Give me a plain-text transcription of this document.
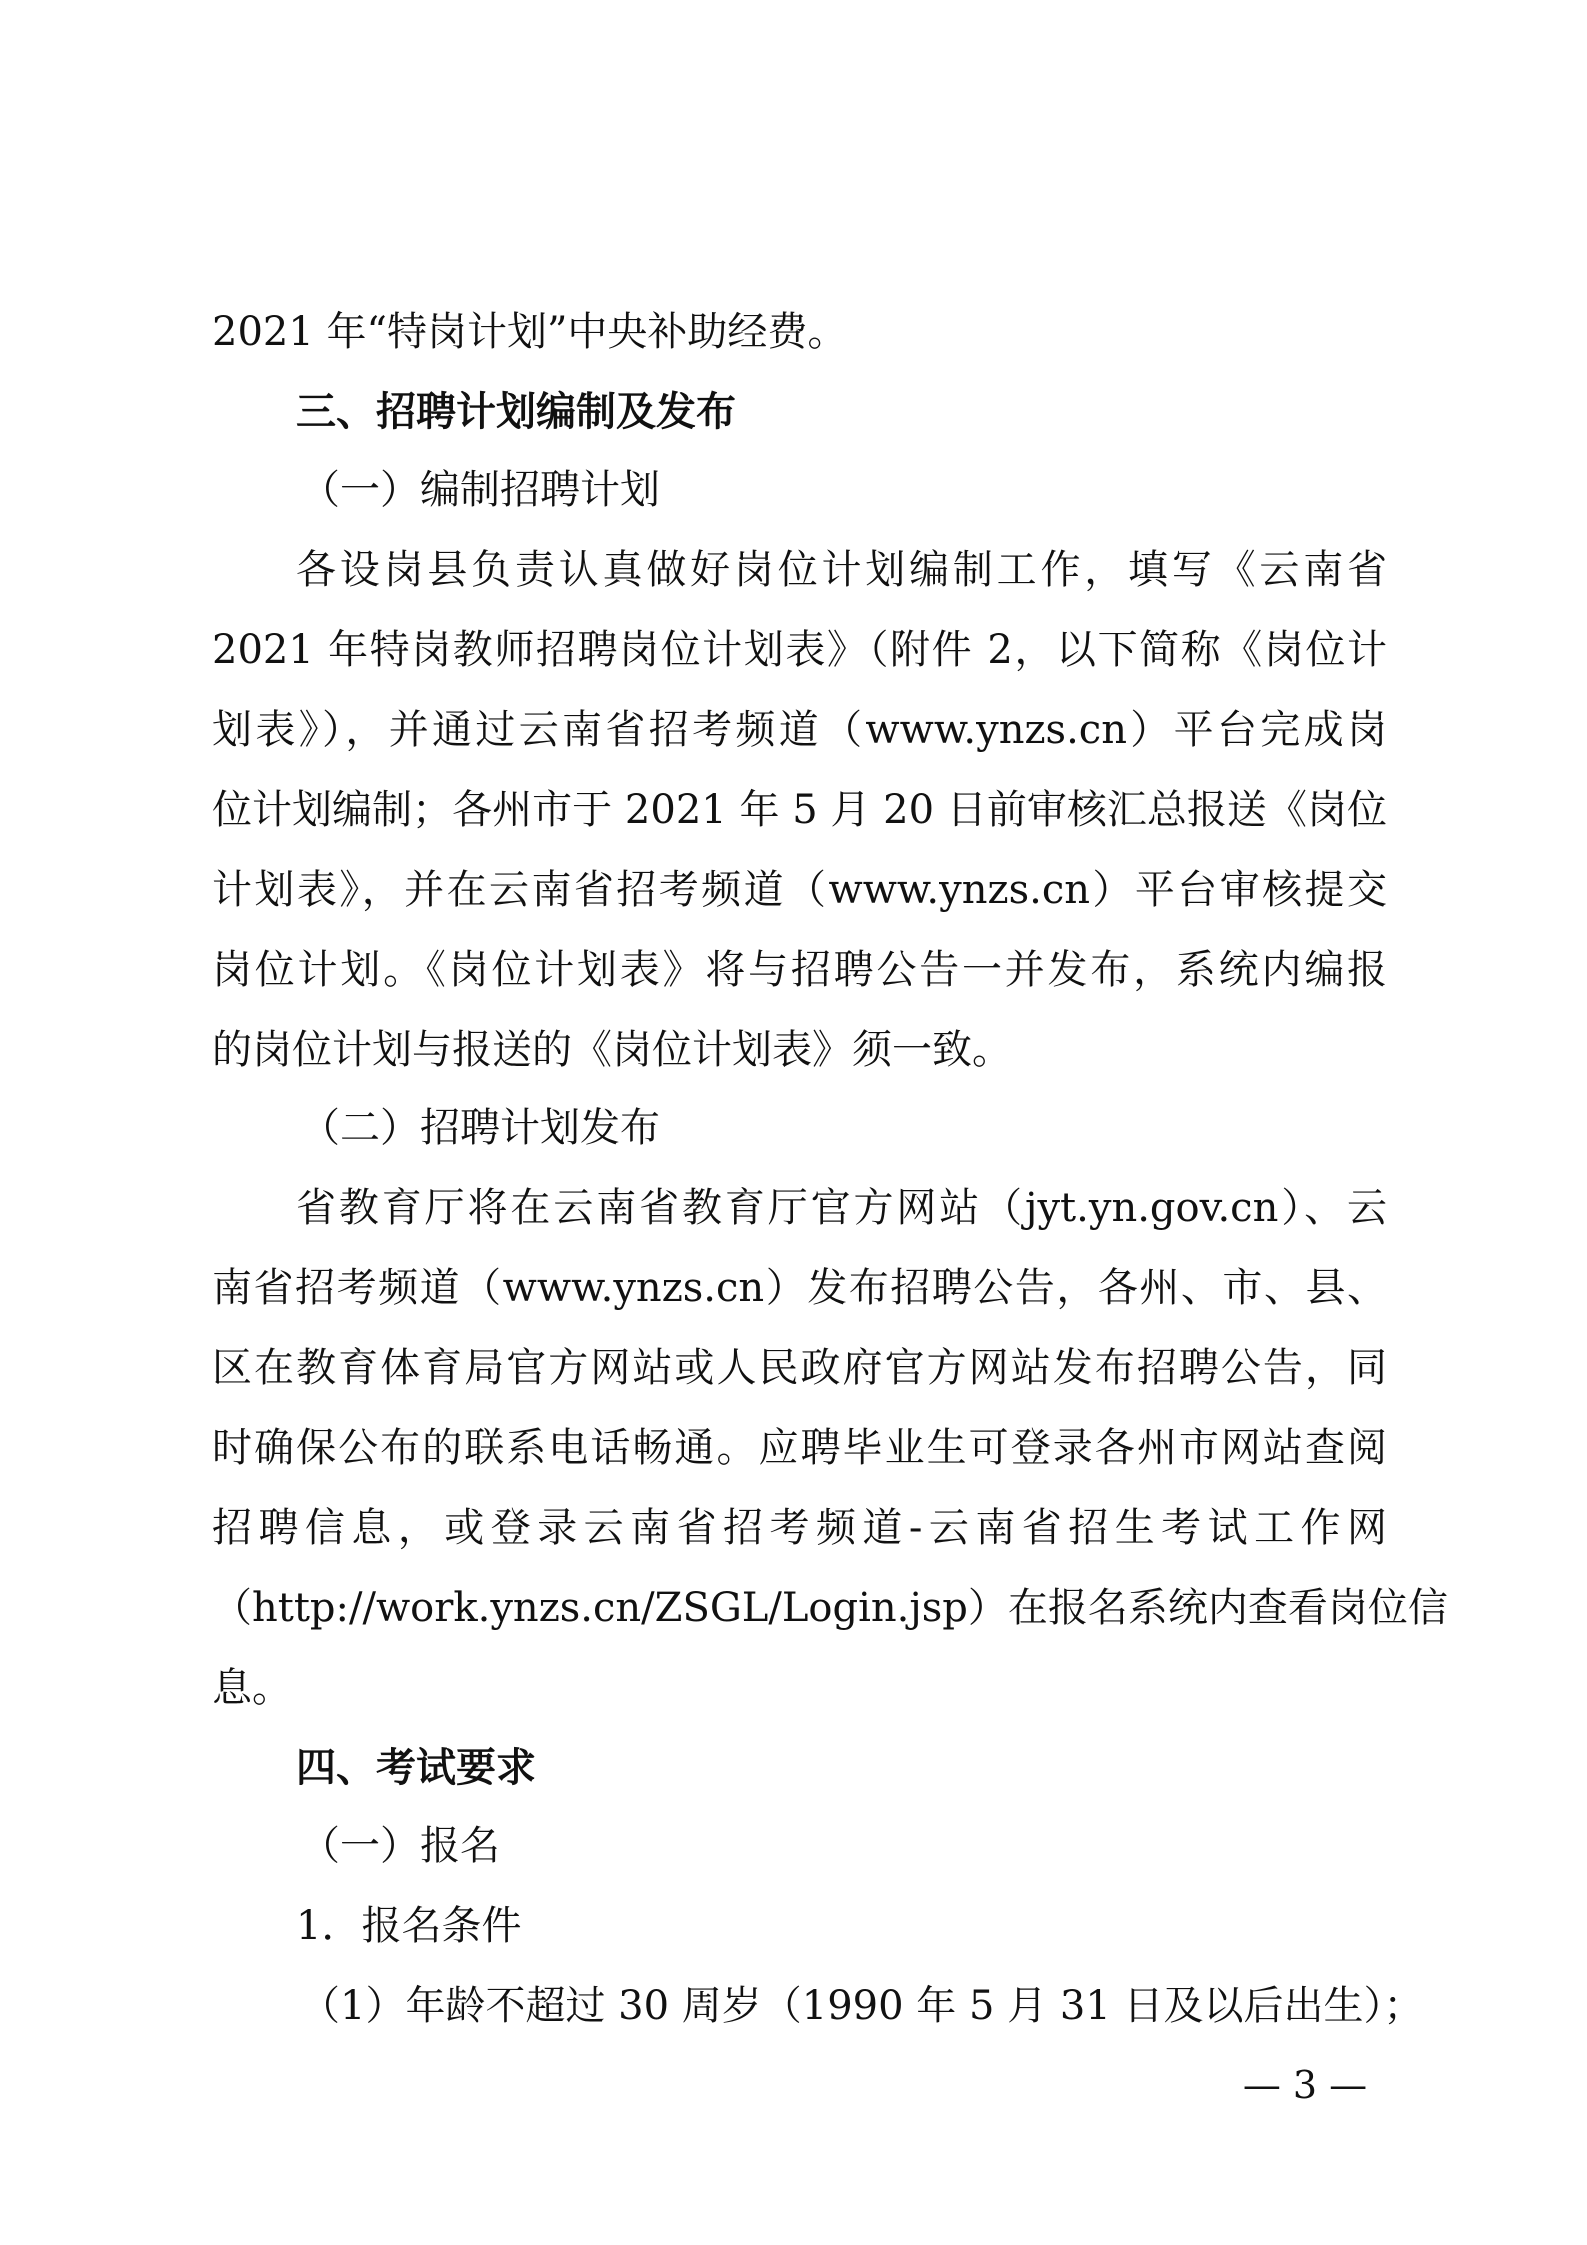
2021 年“特岗计划”中央补助经费。
三、招聘计划编制及发布
（一）编制招聘计划
各设岗县负责认真做好岗位计划编制工作，填写《云南省
2021 年特岗教师招聘岗位计划表》（附件 2，以下简称《岗位计
划表》），并通过云南省招考频道（www.ynzs.cn）平台完成岗
位计划编制；各州市于 2021 年 5 月 20 日前审核汇总报送《岗位
计划表》，并在云南省招考频道（www.ynzs.cn）平台审核提交
岗位计划。《岗位计划表》将与招聘公告一并发布，系统内编报
的岗位计划与报送的《岗位计划表》须一致。
（二）招聘计划发布
省教育厅将在云南省教育厅官方网站（jyt.yn.gov.cn）、云
南省招考频道（www.ynzs.cn）发布招聘公告，各州、市、县、
区在教育体育局官方网站或人民政府官方网站发布招聘公告，同
时确保公布的联系电话畅通。应聘毕业生可登录各州市网站查阅
招聘信息，或登录云南省招考频道-云南省招生考试工作网
（http://work.ynzs.cn/ZSGL/Login.jsp）在报名系统内查看岗位信
息。
四、考试要求
（一）报名
1．报名条件
（1）年龄不超过 30 周岁（1990 年 5 月 31 日及以后出生）；
— 3 —
